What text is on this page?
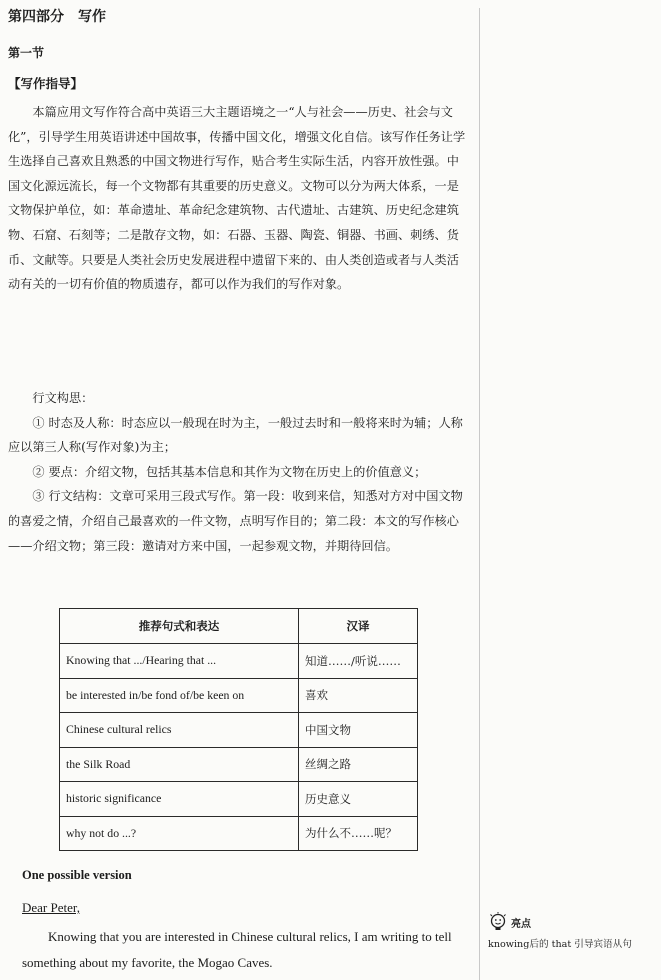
第四部分　写作
第一节
【写作指导】

本篇应用文写作符合高中英语三大主题语境之一“人与社会——历史、社会与文化”，引导学生用英语讲述中国故事，传播中国文化，增强文化自信。该写作任务让学生选择自己喜欢且熟悉的中国文物进行写作，贴合考生实际生活，内容开放性强。中国文化源远流长，每一个文物都有其重要的历史意义。文物可以分为两大体系，一是文物保护单位，如：革命遗址、革命纪念建筑物、古代遗址、古建筑、历史纪念建筑物、石窟、石刻等；二是散存文物，如：石器、玉器、陶瓷、铜器、书画、刺绣、货币、文献等。只要是人类社会历史发展进程中遗留下来的、由人类创造或者与人类活动有关的一切有价值的物质遗存，都可以作为我们的写作对象。

行文构思：

① 时态及人称：时态应以一般现在时为主，一般过去时和一般将来时为辅；人称应以第三人称(写作对象)为主；

② 要点：介绍文物，包括其基本信息和其作为文物在历史上的价值意义；

③ 行文结构：文章可采用三段式写作。第一段：收到来信，知悉对方对中国文物的喜爱之情，介绍自己最喜欢的一件文物，点明写作目的；第二段：本文的写作核心——介绍文物；第三段：邀请对方来中国，一起参观文物，并期待回信。

推荐句式和表达	汉译
Knowing that .../Hearing that ...	知道……/听说……
be interested in/be fond of/be keen on	喜欢
Chinese cultural relics	中国文物
the Silk Road	丝绸之路
historic significance	历史意义
why not do ...?	为什么不……呢？
One possible version
Dear Peter,

Knowing that you are interested in Chinese cultural relics, I am writing to tell something about my favorite, the Mogao Caves.

亮点
knowing后的 that 引导宾语从句
